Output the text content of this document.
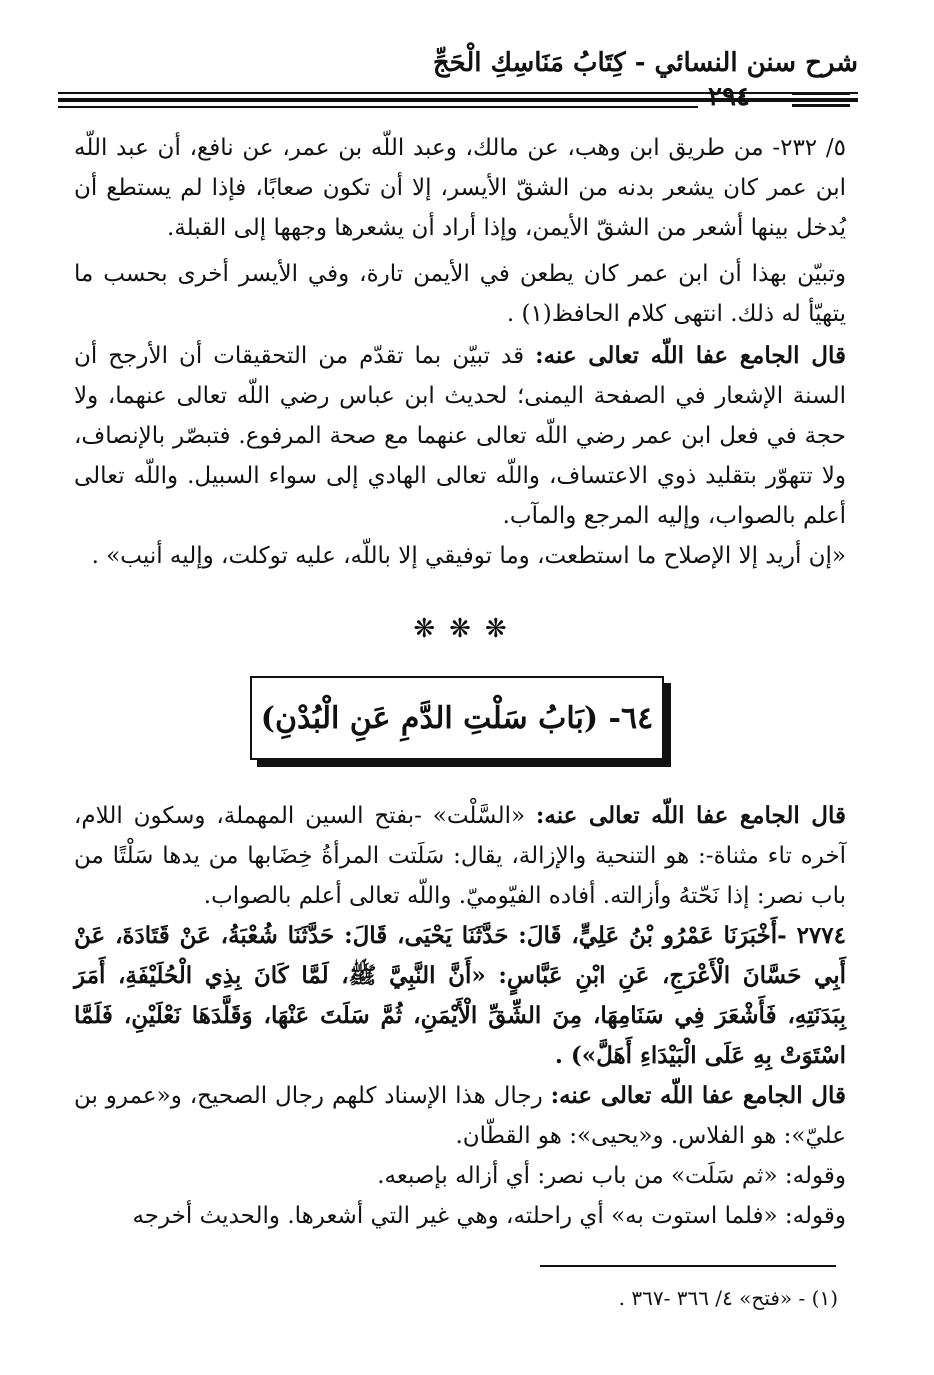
شرح سنن النسائي - كِتَابُ مَنَاسِكِ الْحَجِّ
٢٩٤
٥/ ٢٣٢- من طريق ابن وهب، عن مالك، وعبد اللّه بن عمر، عن نافع، أن عبد اللّه ابن عمر كان يشعر بدنه من الشقّ الأيسر، إلا أن تكون صعابًا، فإذا لم يستطع أن يُدخل بينها أشعر من الشقّ الأيمن، وإذا أراد أن يشعرها وجهها إلى القبلة.
وتبيّن بهذا أن ابن عمر كان يطعن في الأيمن تارة، وفي الأيسر أخرى بحسب ما يتهيّأ له ذلك. انتهى كلام الحافظ(١) .
قال الجامع عفا اللّه تعالى عنه: قد تبيّن بما تقدّم من التحقيقات أن الأرجح أن السنة الإشعار في الصفحة اليمنى؛ لحديث ابن عباس رضي اللّه تعالى عنهما، ولا حجة في فعل ابن عمر رضي اللّه تعالى عنهما مع صحة المرفوع. فتبصّر بالإنصاف، ولا تتهوّر بتقليد ذوي الاعتساف، واللّه تعالى الهادي إلى سواء السبيل. واللّه تعالى أعلم بالصواب، وإليه المرجع والمآب.
«إن أريد إلا الإصلاح ما استطعت، وما توفيقي إلا باللّه، عليه توكلت، وإليه أنيب» .
❋❋❋
٦٤- (بَابُ سَلْتِ الدَّمِ عَنِ الْبُدْنِ)
قال الجامع عفا اللّه تعالى عنه: «السَّلْت» -بفتح السين المهملة، وسكون اللام، آخره تاء مثناة-: هو التنحية والإزالة، يقال: سَلَتت المرأةُ خِضَابها من يدها سَلْتًا من باب نصر: إذا نَحّتهُ وأزالته. أفاده الفيّوميّ. واللّه تعالى أعلم بالصواب.
٢٧٧٤ -أَخْبَرَنَا عَمْرُو بْنُ عَلِيٍّ، قَالَ: حَدَّثَنَا يَحْيَى، قَالَ: حَدَّثَنَا شُعْبَةُ، عَنْ قَتَادَةَ، عَنْ أَبِي حَسَّانَ الْأَعْرَجِ، عَنِ ابْنِ عَبَّاسٍ: «أَنَّ النَّبِيَّ ﷺ، لَمَّا كَانَ بِذِي الْحُلَيْفَةِ، أَمَرَ بِبَدَنَتِهِ، فَأَشْعَرَ فِي سَنَامِهَا، مِنَ الشِّقِّ الْأَيْمَنِ، ثُمَّ سَلَتَ عَنْهَا، وَقَلَّدَهَا نَعْلَيْنِ، فَلَمَّا اسْتَوَتْ بِهِ عَلَى الْبَيْدَاءِ أَهَلَّ») .
قال الجامع عفا اللّه تعالى عنه: رجال هذا الإسناد كلهم رجال الصحيح، و«عمرو بن عليّ»: هو الفلاس. و«يحيى»: هو القطّان.
وقوله: «ثم سَلَت» من باب نصر: أي أزاله بإصبعه.
وقوله: «فلما استوت به» أي راحلته، وهي غير التي أشعرها. والحديث أخرجه
(١) - «فتح» ٤/ ٣٦٦ -٣٦٧ .
